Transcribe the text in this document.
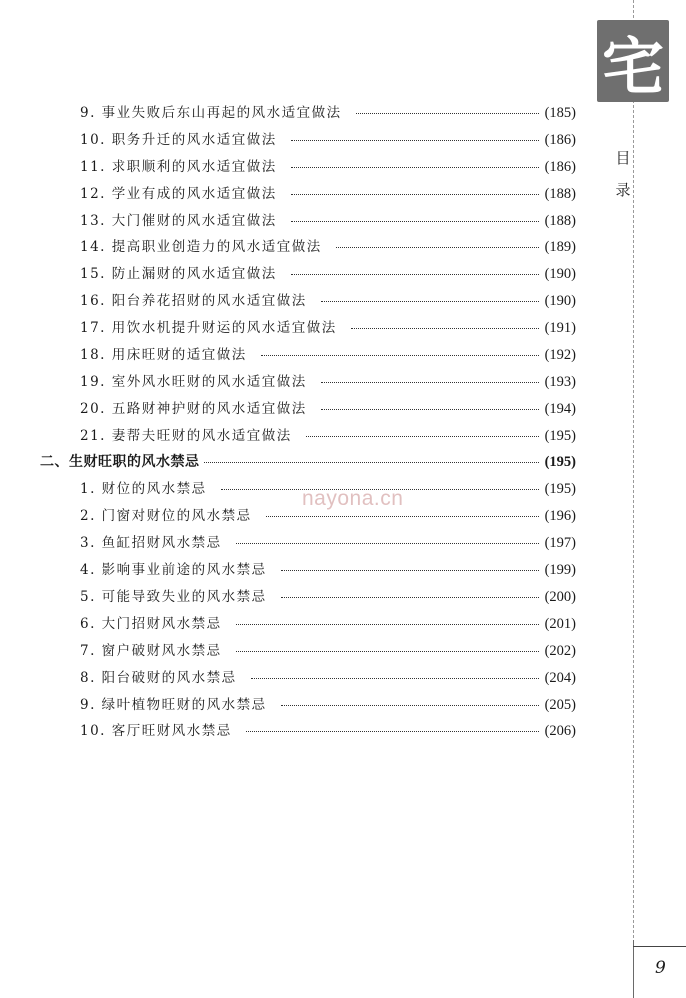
宅
目
录
9. 事业失败后东山再起的风水适宜做法	(185)
10. 职务升迁的风水适宜做法	(186)
11. 求职顺利的风水适宜做法	(186)
12. 学业有成的风水适宜做法	(188)
13. 大门催财的风水适宜做法	(188)
14. 提高职业创造力的风水适宜做法	(189)
15. 防止漏财的风水适宜做法	(190)
16. 阳台养花招财的风水适宜做法	(190)
17. 用饮水机提升财运的风水适宜做法	(191)
18. 用床旺财的适宜做法	(192)
19. 室外风水旺财的风水适宜做法	(193)
20. 五路财神护财的风水适宜做法	(194)
21. 妻帮夫旺财的风水适宜做法	(195)
二、生财旺职的风水禁忌	(195)
1. 财位的风水禁忌	(195)
2. 门窗对财位的风水禁忌	(196)
3. 鱼缸招财风水禁忌	(197)
4. 影响事业前途的风水禁忌	(199)
5. 可能导致失业的风水禁忌	(200)
6. 大门招财风水禁忌	(201)
7. 窗户破财风水禁忌	(202)
8. 阳台破财的风水禁忌	(204)
9. 绿叶植物旺财的风水禁忌	(205)
10. 客厅旺财风水禁忌	(206)
nayona.cn
9
